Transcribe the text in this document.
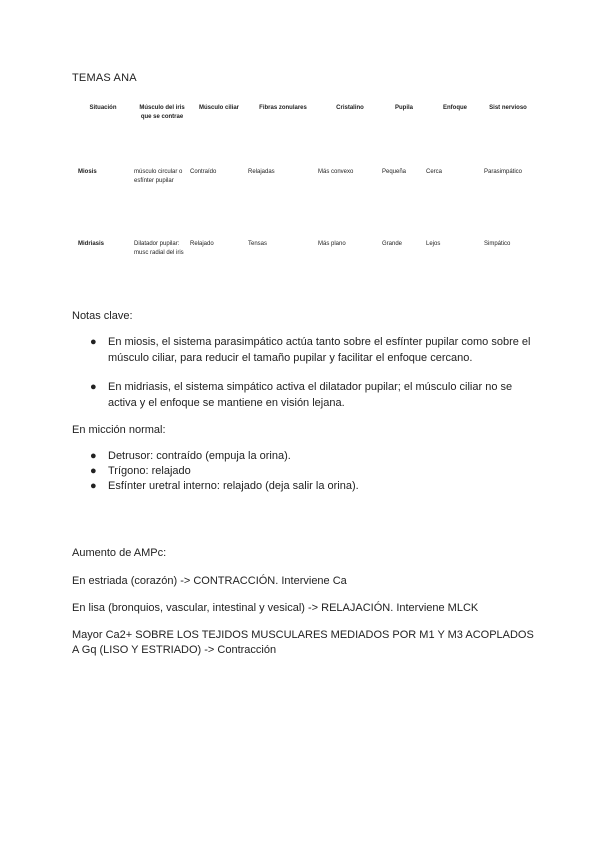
TEMAS ANA
Situación	Músculo del iris que se contrae	Músculo ciliar	Fibras zonulares	Cristalino	Pupila	Enfoque	Sist nervioso
Miosis	músculo circular o esfínter pupilar	Contraído	Relajadas	Más convexo	Pequeña	Cerca	Parasimpático
Midriasis	Dilatador pupilar: musc radial del iris	Relajado	Tensas	Más plano	Grande	Lejos	Simpático
Notas clave:
● En miosis, el sistema parasimpático actúa tanto sobre el esfínter pupilar como sobre el músculo ciliar, para reducir el tamaño pupilar y facilitar el enfoque cercano.
● En midriasis, el sistema simpático activa el dilatador pupilar; el músculo ciliar no se activa y el enfoque se mantiene en visión lejana.
En micción normal:
● Detrusor: contraído (empuja la orina).
● Trígono: relajado
● Esfínter uretral interno: relajado (deja salir la orina).
Aumento de AMPc:
En estriada (corazón) -> CONTRACCIÓN. Interviene Ca
En lisa (bronquios, vascular, intestinal y vesical) -> RELAJACIÓN. Interviene MLCK
Mayor Ca2+ SOBRE LOS TEJIDOS MUSCULARES MEDIADOS POR M1 Y M3 ACOPLADOS A Gq (LISO Y ESTRIADO) -> Contracción
